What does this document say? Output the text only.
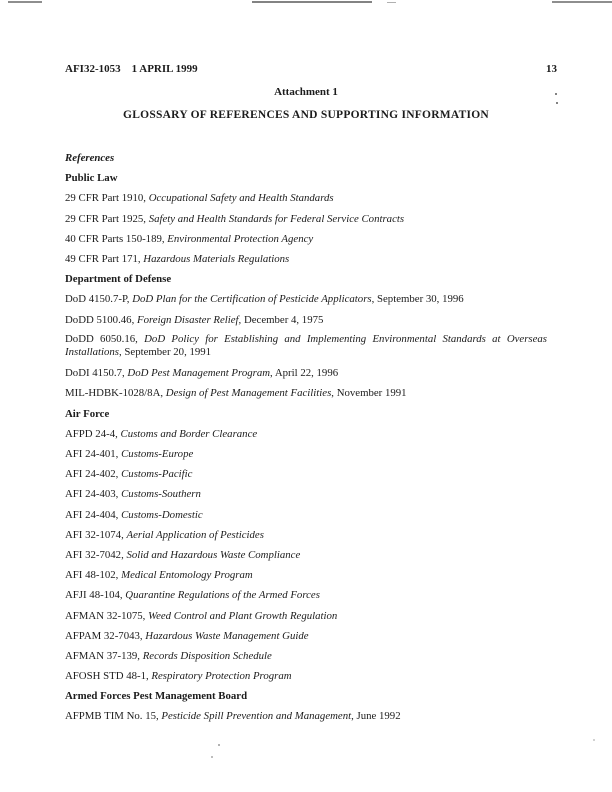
AFI32-1053 1 APRIL 1999	13
Attachment 1
GLOSSARY OF REFERENCES AND SUPPORTING INFORMATION
References
Public Law
29 CFR Part 1910, Occupational Safety and Health Standards
29 CFR Part 1925, Safety and Health Standards for Federal Service Contracts
40 CFR Parts 150-189, Environmental Protection Agency
49 CFR Part 171, Hazardous Materials Regulations
Department of Defense
DoD 4150.7-P, DoD Plan for the Certification of Pesticide Applicators, September 30, 1996
DoDD 5100.46, Foreign Disaster Relief, December 4, 1975
DoDD 6050.16, DoD Policy for Establishing and Implementing Environmental Standards at Overseas Installations, September 20, 1991
DoDI 4150.7, DoD Pest Management Program, April 22, 1996
MIL-HDBK-1028/8A, Design of Pest Management Facilities, November 1991
Air Force
AFPD 24-4, Customs and Border Clearance
AFI 24-401, Customs-Europe
AFI 24-402, Customs-Pacific
AFI 24-403, Customs-Southern
AFI 24-404, Customs-Domestic
AFI 32-1074, Aerial Application of Pesticides
AFI 32-7042, Solid and Hazardous Waste Compliance
AFI 48-102, Medical Entomology Program
AFJI 48-104, Quarantine Regulations of the Armed Forces
AFMAN 32-1075, Weed Control and Plant Growth Regulation
AFPAM 32-7043, Hazardous Waste Management Guide
AFMAN 37-139, Records Disposition Schedule
AFOSH STD 48-1, Respiratory Protection Program
Armed Forces Pest Management Board
AFPMB TIM No. 15, Pesticide Spill Prevention and Management, June 1992
